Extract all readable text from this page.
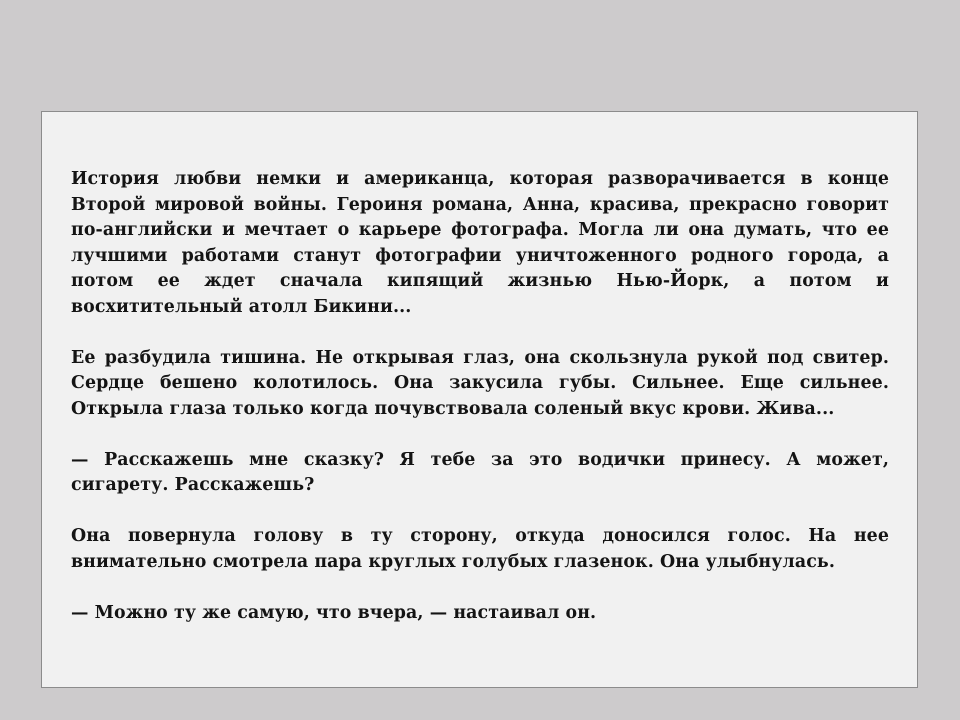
История любви немки и американца, которая разворачивается в конце Второй мировой войны. Героиня романа, Анна, красива, прекрасно говорит по-английски и мечтает о карьере фотографа. Могла ли она думать, что ее лучшими работами станут фотографии уничтоженного родного города, а потом ее ждет сначала кипящий жизнью Нью-Йорк, а потом и восхитительный атолл Бикини...

Ее разбудила тишина. Не открывая глаз, она скользнула рукой под свитер. Сердце бешено колотилось. Она закусила губы. Сильнее. Еще сильнее. Открыла глаза только когда почувствовала соленый вкус крови. Жива...

— Расскажешь мне сказку? Я тебе за это водички принесу. А может, сигарету. Расскажешь?

Она повернула голову в ту сторону, откуда доносился голос. На нее внимательно смотрела пара круглых голубых глазенок. Она улыбнулась.

— Можно ту же самую, что вчера, — настаивал он.
